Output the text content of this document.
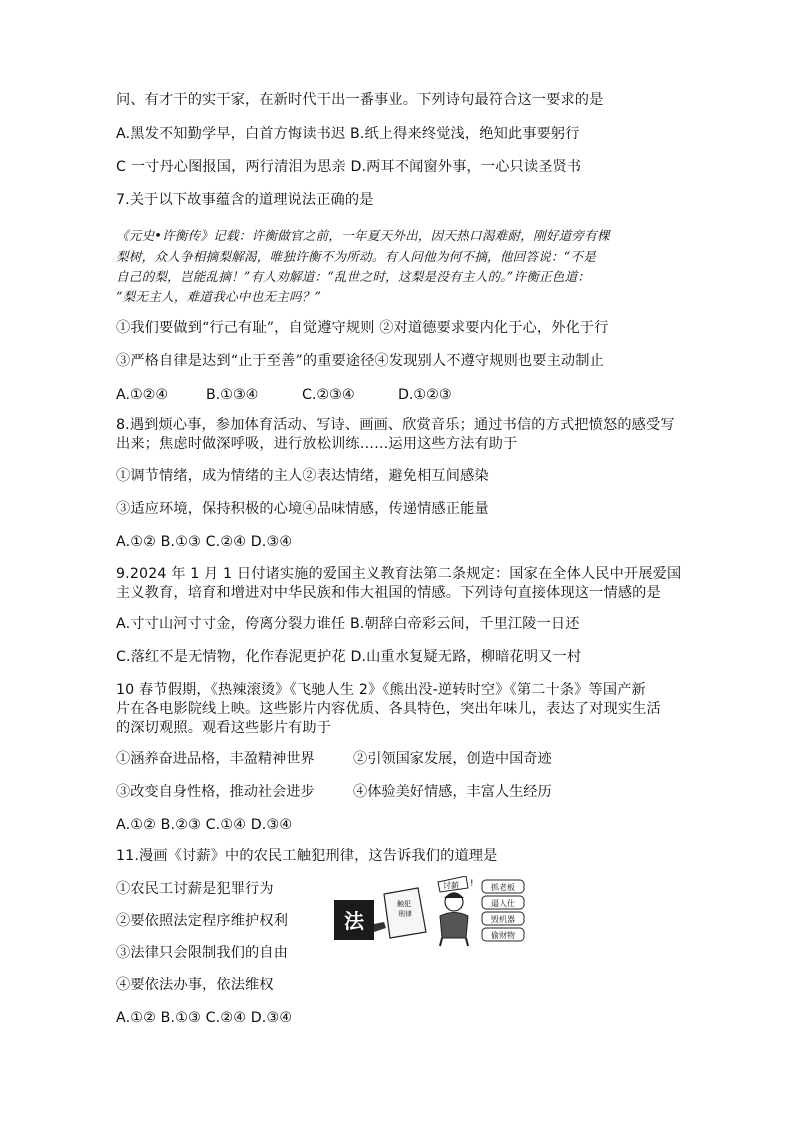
问、有才干的实干家，在新时代干出一番事业。下列诗句最符合这一要求的是
A.黑发不知勤学早，白首方悔读书迟 B.纸上得来终觉浅，绝知此事要躬行
C 一寸丹心图报国，两行清泪为思亲 D.两耳不闻窗外事，一心只读圣贤书
7.关于以下故事蕴含的道理说法正确的是
《元史•许衡传》记载：许衡做官之前，一年夏天外出，因天热口渴难耐，刚好道旁有棵
梨树，众人争相摘梨解渴，唯独许衡不为所动。有人问他为何不摘，他回答说：“不是
自己的梨，岂能乱摘！”有人劝解道：“乱世之时，这梨是没有主人的。”许衡正色道：
“梨无主人，难道我心中也无主吗？”
①我们要做到“行己有耻”，自觉遵守规则 ②对道德要求要内化于心，外化于行
③严格自律是达到“止于至善”的重要途径④发现别人不遵守规则也要主动制止
A.①②④	B.①③④	C.②③④	D.①②③
8.遇到烦心事，参加体育活动、写诗、画画、欣赏音乐；通过书信的方式把愤怒的感受写
出来；焦虑时做深呼吸，进行放松训练……运用这些方法有助于
①调节情绪，成为情绪的主人②表达情绪，避免相互间感染
③适应环境，保持积极的心境④品味情感，传递情感正能量
A.①② B.①③ C.②④ D.③④
9.2024 年 1 月 1 日付诸实施的爱国主义教育法第二条规定：国家在全体人民中开展爱国
主义教育，培育和增进对中华民族和伟大祖国的情感。下列诗句直接体现这一情感的是
A.寸寸山河寸寸金，侉离分裂力谁任 B.朝辞白帝彩云间，千里江陵一日还
C.落红不是无情物，化作春泥更护花 D.山重水复疑无路，柳暗花明又一村
10 春节假期，《热辣滚烫》《飞驰人生 2》《熊出没-逆转时空》《第二十条》等国产新
片在各电影院线上映。这些影片内容优质、各具特色，突出年味儿，表达了对现实生活
的深切观照。观看这些影片有助于
①涵养奋进品格，丰盈精神世界	②引领国家发展，创造中国奇迹
③改变自身性格，推动社会进步	④体验美好情感，丰富人生经历
A.①② B.②③ C.①④ D.③④
11.漫画《讨薪》中的农民工触犯刑律，这告诉我们的道理是
①农民工讨薪是犯罪行为
②要依照法定程序维护权利
③法律只会限制我们的自由
④要依法办事，依法维权
A.①② B.①③ C.②④ D.③④
法
触犯
刑律
讨薪 ! 抓老板
逼人仕
毁机器
偷财物
